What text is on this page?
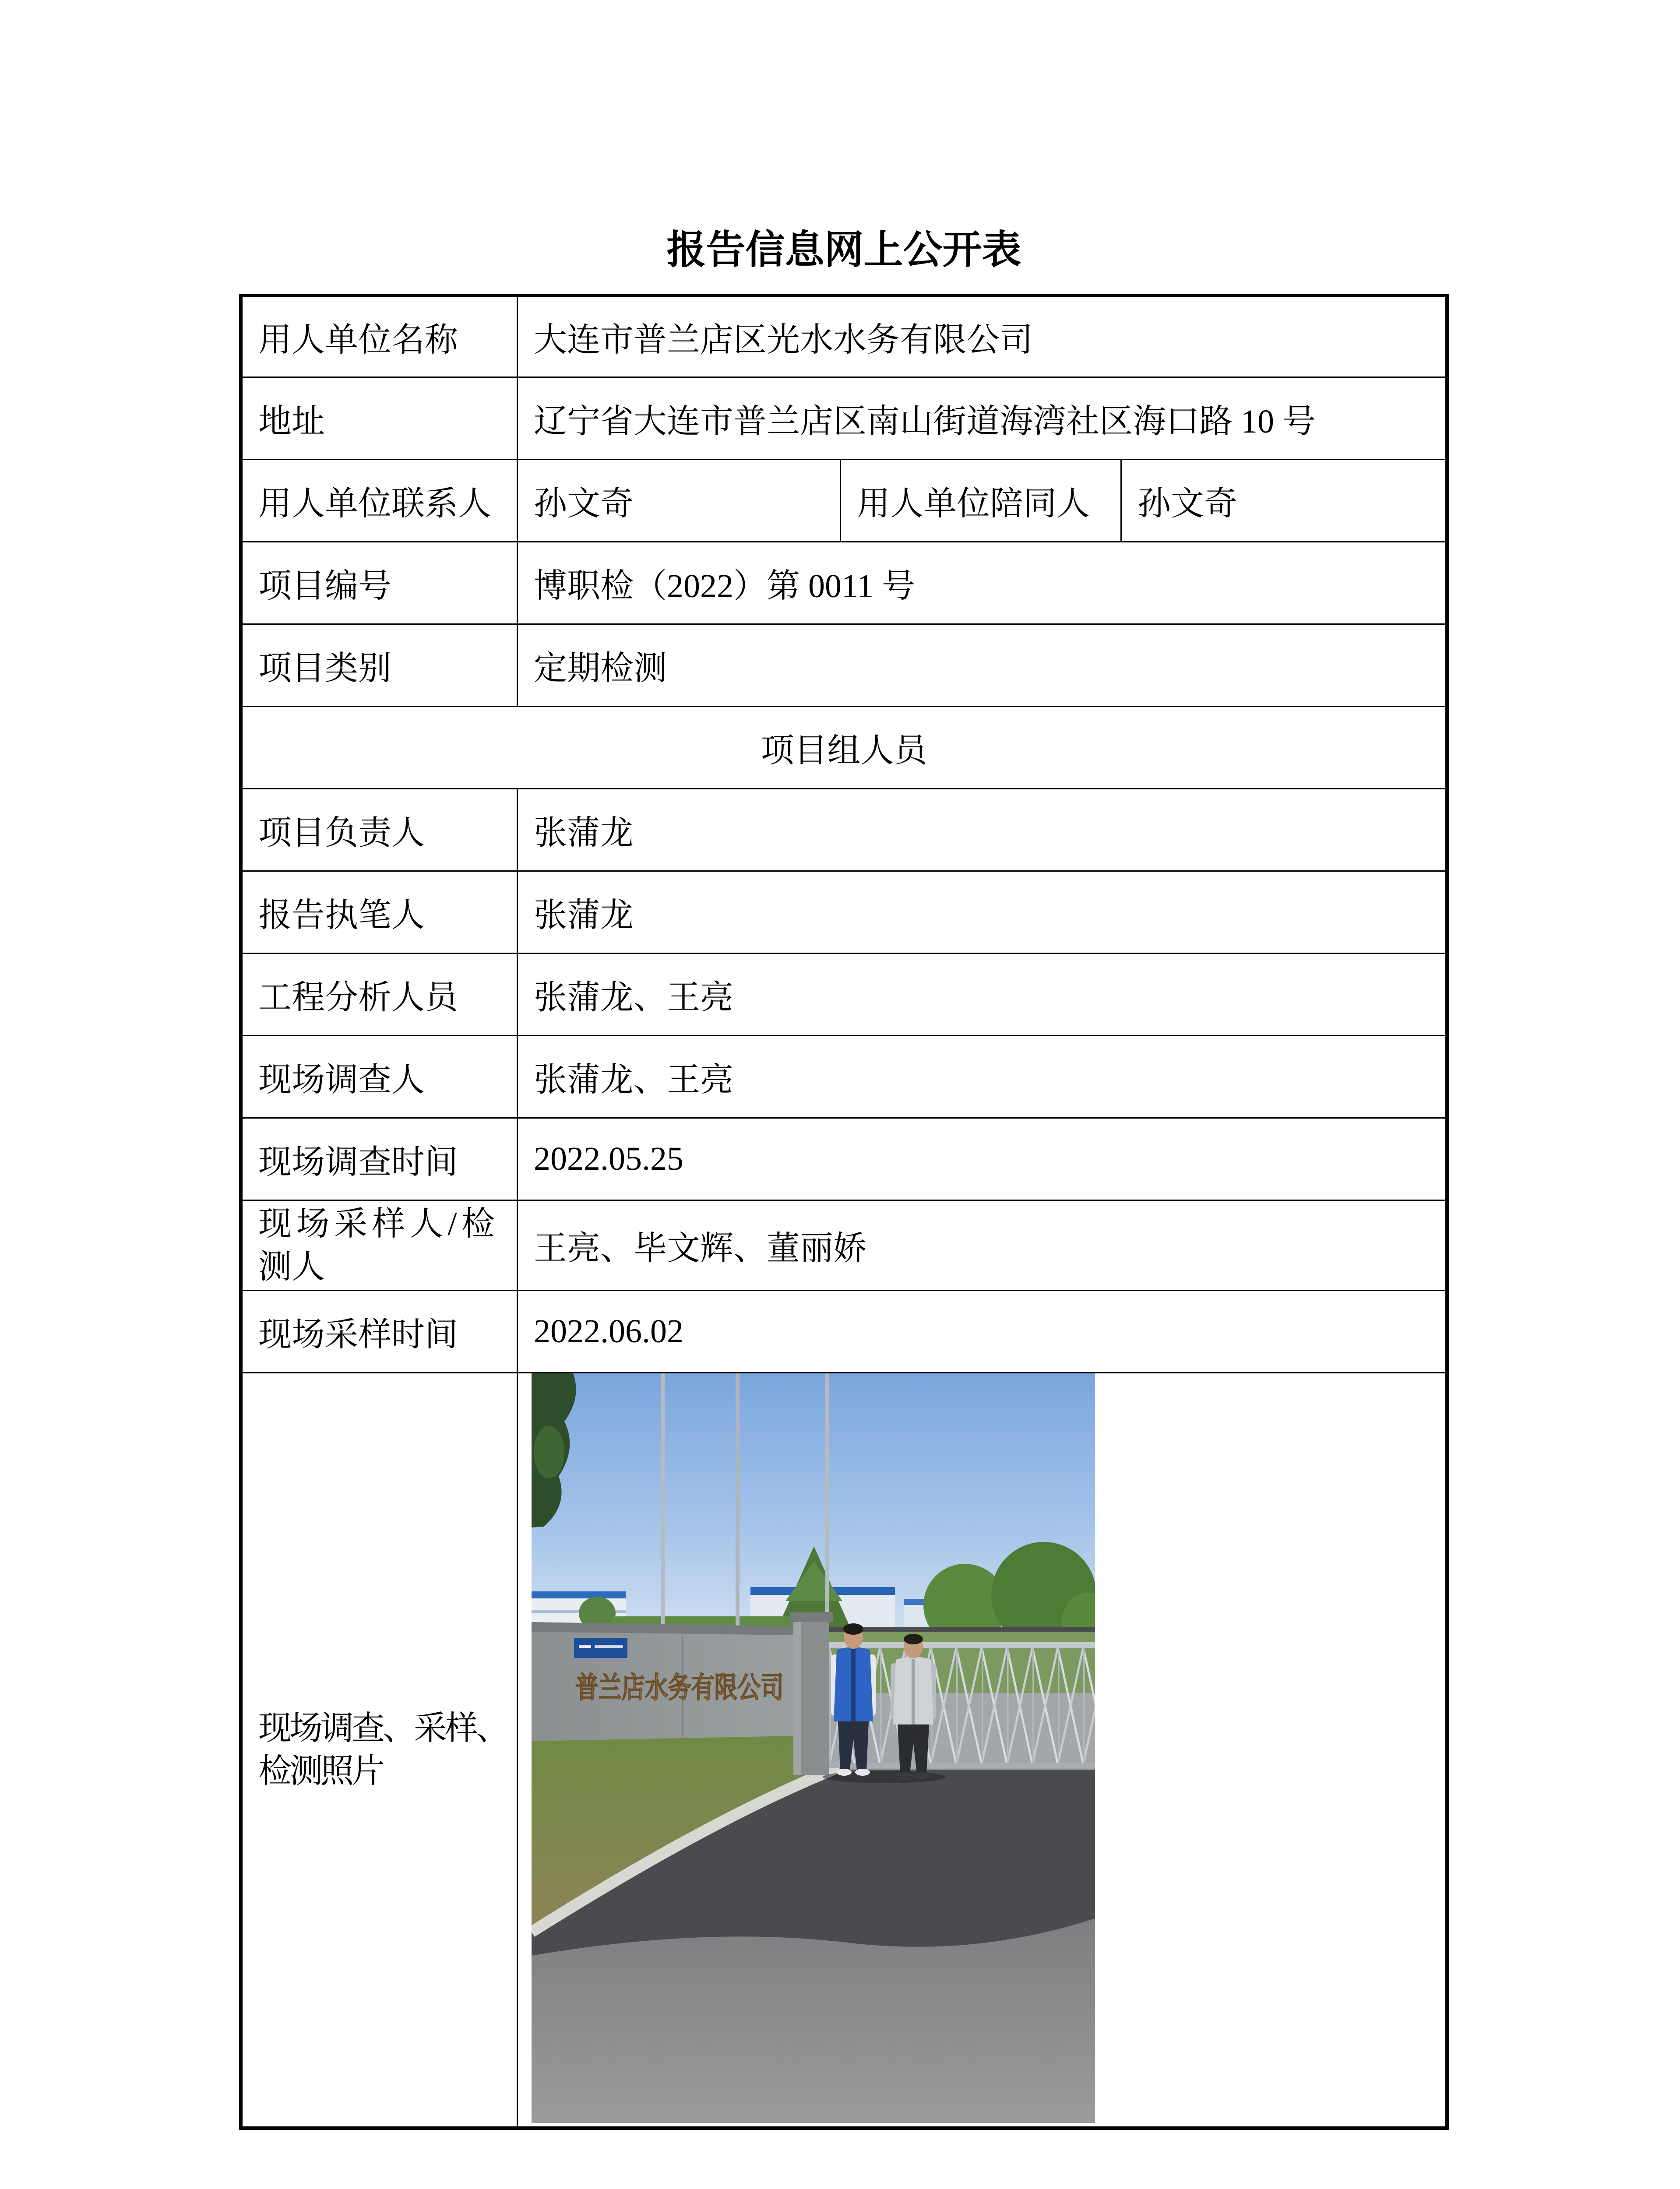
报告信息网上公开表
用人单位名称	大连市普兰店区光水水务有限公司
地址	辽宁省大连市普兰店区南山街道海湾社区海口路 10 号
用人单位联系人	孙文奇	用人单位陪同人	孙文奇
项目编号	博职检（2022）第 0011 号
项目类别	定期检测
项目组人员
项目负责人	张蒲龙
报告执笔人	张蒲龙
工程分析人员	张蒲龙、王亮
现场调查人	张蒲龙、王亮
现场调查时间	2022.05.25
现场采样人/检测人	王亮、毕文辉、董丽娇
现场采样时间	2022.06.02
现场调查、采样、检测照片
普兰店水务有限公司
